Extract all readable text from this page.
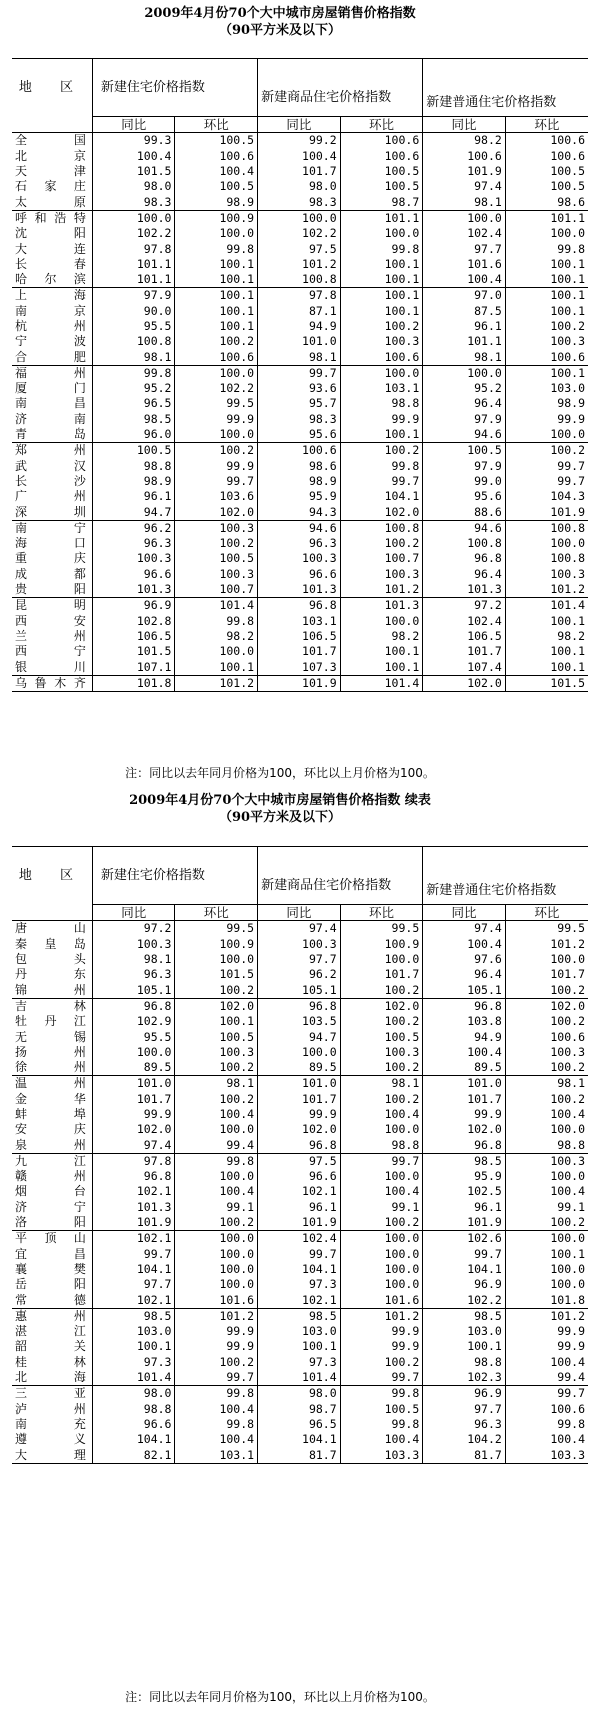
2009年4月份70个大中城市房屋销售价格指数
（90平方米及以下）
地 区	新建住宅价格指数		新建商品住宅价格指数		新建普通住宅价格指数	
	同比	环比	同比	环比	同比	环比
全 国	99.3	100.5	99.2	100.6	98.2	100.6
北 京	100.4	100.6	100.4	100.6	100.6	100.6
天 津	101.5	100.4	101.7	100.5	101.9	100.5
石家庄	98.0	100.5	98.0	100.5	97.4	100.5
太 原	98.3	98.9	98.3	98.7	98.1	98.6
呼和浩特	100.0	100.9	100.0	101.1	100.0	101.1
沈 阳	102.2	100.0	102.2	100.0	102.4	100.0
大 连	97.8	99.8	97.5	99.8	97.7	99.8
长 春	101.1	100.1	101.2	100.1	101.6	100.1
哈尔滨	101.1	100.1	100.8	100.1	100.4	100.1
上 海	97.9	100.1	97.8	100.1	97.0	100.1
南 京	90.0	100.1	87.1	100.1	87.5	100.1
杭 州	95.5	100.1	94.9	100.2	96.1	100.2
宁 波	100.8	100.2	101.0	100.3	101.1	100.3
合 肥	98.1	100.6	98.1	100.6	98.1	100.6
福 州	99.8	100.0	99.7	100.0	100.0	100.1
厦 门	95.2	102.2	93.6	103.1	95.2	103.0
南 昌	96.5	99.5	95.7	98.8	96.4	98.9
济 南	98.5	99.9	98.3	99.9	97.9	99.9
青 岛	96.0	100.0	95.6	100.1	94.6	100.0
郑 州	100.5	100.2	100.6	100.2	100.5	100.2
武 汉	98.8	99.9	98.6	99.8	97.9	99.7
长 沙	98.9	99.7	98.9	99.7	99.0	99.7
广 州	96.1	103.6	95.9	104.1	95.6	104.3
深 圳	94.7	102.0	94.3	102.0	88.6	101.9
南 宁	96.2	100.3	94.6	100.8	94.6	100.8
海 口	96.3	100.2	96.3	100.2	100.8	100.0
重 庆	100.3	100.5	100.3	100.7	96.8	100.8
成 都	96.6	100.3	96.6	100.3	96.4	100.3
贵 阳	101.3	100.7	101.3	101.2	101.3	101.2
昆 明	96.9	101.4	96.8	101.3	97.2	101.4
西 安	102.8	99.8	103.1	100.0	102.4	100.1
兰 州	106.5	98.2	106.5	98.2	106.5	98.2
西 宁	101.5	100.0	101.7	100.1	101.7	100.1
银 川	107.1	100.1	107.3	100.1	107.4	100.1
乌鲁木齐	101.8	101.2	101.9	101.4	102.0	101.5
注：同比以去年同月价格为100，环比以上月价格为100。
2009年4月份70个大中城市房屋销售价格指数 续表
（90平方米及以下）
地 区	新建住宅价格指数		新建商品住宅价格指数		新建普通住宅价格指数	
	同比	环比	同比	环比	同比	环比
唐 山	97.2	99.5	97.4	99.5	97.4	99.5
秦皇岛	100.3	100.9	100.3	100.9	100.4	101.2
包 头	98.1	100.0	97.7	100.0	97.6	100.0
丹 东	96.3	101.5	96.2	101.7	96.4	101.7
锦 州	105.1	100.2	105.1	100.2	105.1	100.2
吉 林	96.8	102.0	96.8	102.0	96.8	102.0
牡丹江	102.9	100.1	103.5	100.2	103.8	100.2
无 锡	95.5	100.5	94.7	100.5	94.9	100.6
扬 州	100.0	100.3	100.0	100.3	100.4	100.3
徐 州	89.5	100.2	89.5	100.2	89.5	100.2
温 州	101.0	98.1	101.0	98.1	101.0	98.1
金 华	101.7	100.2	101.7	100.2	101.7	100.2
蚌 埠	99.9	100.4	99.9	100.4	99.9	100.4
安 庆	102.0	100.0	102.0	100.0	102.0	100.0
泉 州	97.4	99.4	96.8	98.8	96.8	98.8
九 江	97.8	99.8	97.5	99.7	98.5	100.3
赣 州	96.8	100.0	96.6	100.0	95.9	100.0
烟 台	102.1	100.4	102.1	100.4	102.5	100.4
济 宁	101.3	99.1	96.1	99.1	96.1	99.1
洛 阳	101.9	100.2	101.9	100.2	101.9	100.2
平顶山	102.1	100.0	102.4	100.0	102.6	100.0
宜 昌	99.7	100.0	99.7	100.0	99.7	100.1
襄 樊	104.1	100.0	104.1	100.0	104.1	100.0
岳 阳	97.7	100.0	97.3	100.0	96.9	100.0
常 德	102.1	101.6	102.1	101.6	102.2	101.8
惠 州	98.5	101.2	98.5	101.2	98.5	101.2
湛 江	103.0	99.9	103.0	99.9	103.0	99.9
韶 关	100.1	99.9	100.1	99.9	100.1	99.9
桂 林	97.3	100.2	97.3	100.2	98.8	100.4
北 海	101.4	99.7	101.4	99.7	102.3	99.4
三 亚	98.0	99.8	98.0	99.8	96.9	99.7
泸 州	98.8	100.4	98.7	100.5	97.7	100.6
南 充	96.6	99.8	96.5	99.8	96.3	99.8
遵 义	104.1	100.4	104.1	100.4	104.2	100.4
大 理	82.1	103.1	81.7	103.3	81.7	103.3
注：同比以去年同月价格为100，环比以上月价格为100。
